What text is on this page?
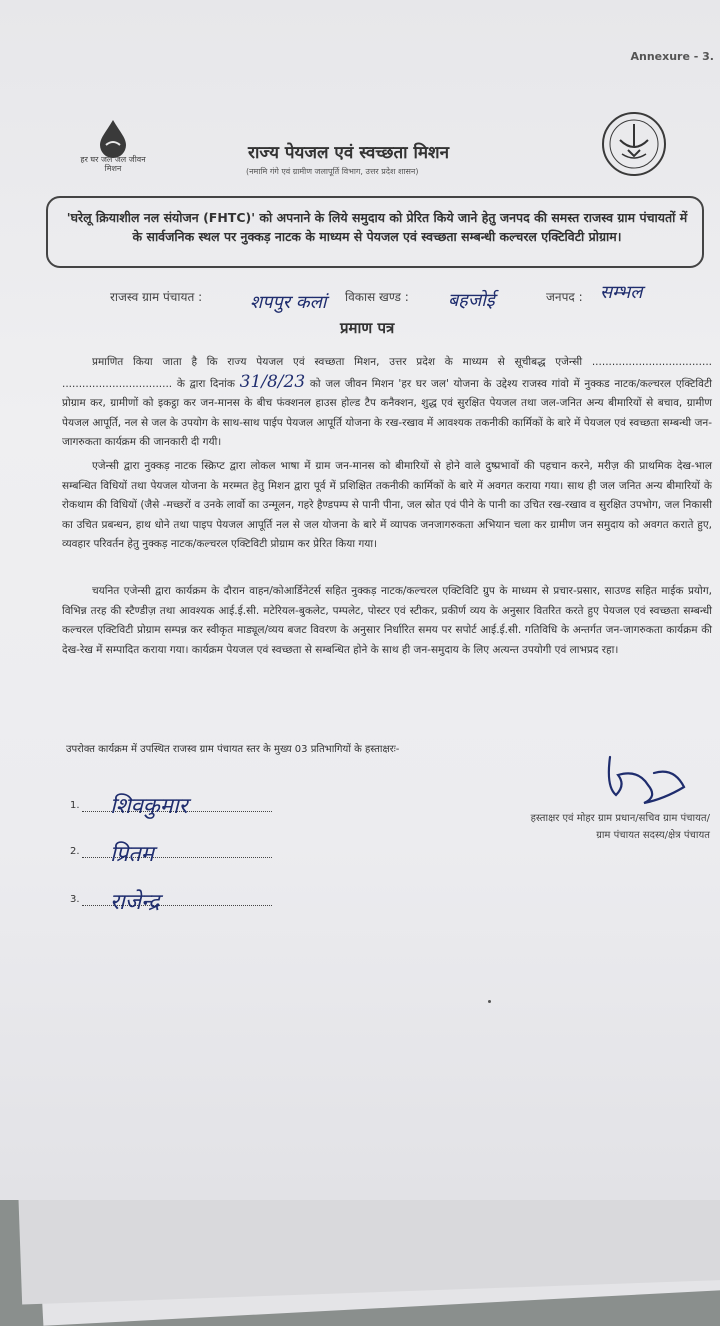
Annexure - 3.
हर घर जल जल जीवन मिशन
राज्य पेयजल एवं स्वच्छता मिशन
(नमामि गंगे एवं ग्रामीण जलापूर्ति विभाग, उत्तर प्रदेश शासन)
'घरेलू क्रियाशील नल संयोजन (FHTC)' को अपनाने के लिये समुदाय को प्रेरित किये जाने हेतु जनपद की समस्त राजस्व ग्राम पंचायतों में के सार्वजनिक स्थल पर नुक्कड़ नाटक के माध्यम से पेयजल एवं स्वच्छता सम्बन्धी कल्चरल एक्टिविटी प्रोग्राम।
राजस्व ग्राम पंचायत :	शपपुर कलां विकास खण्ड : बहजोई	जनपद : सम्भल
प्रमाण पत्र
प्रमाणित किया जाता है कि राज्य पेयजल एवं स्वच्छता मिशन, उत्तर प्रदेश के माध्यम से सूचीबद्ध एजेन्सी .................................... ................................. के द्वारा दिनांक 31/8/23 को जल जीवन मिशन 'हर घर जल' योजना के उद्देश्य राजस्व गांवो में नुक्कड नाटक/कल्चरल एक्टिविटी प्रोग्राम कर, ग्रामीणों को इकट्ठा कर जन-मानस के बीच फंक्शनल हाउस होल्ड टैप कनैक्शन, शुद्ध एवं सुरक्षित पेयजल तथा जल-जनित अन्य बीमारियों से बचाव, ग्रामीण पेयजल आपूर्ति, नल से जल के उपयोग के साथ-साथ पाईप पेयजल आपूर्ति योजना के रख-रखाव में आवश्यक तकनीकी कार्मिकों के बारे में पेयजल एवं स्वच्छता सम्बन्धी जन-जागरुकता कार्यक्रम की जानकारी दी गयी।
एजेन्सी द्वारा नुक्कड़ नाटक स्क्रिप्ट द्वारा लोकल भाषा में ग्राम जन-मानस को बीमारियों से होने वाले दुष्प्रभावों की पहचान करने, मरीज़ की प्राथमिक देख-भाल सम्बन्धित विधियों तथा पेयजल योजना के मरम्मत हेतु मिशन द्वारा पूर्व में प्रशिक्षित तकनीकी कार्मिकों के बारे में अवगत कराया गया। साथ ही जल जनित अन्य बीमारियों के रोकथाम की विधियों (जैसे -मच्छरों व उनके लार्वो का उन्मूलन, गहरे हैण्डपम्प से पानी पीना, जल स्रोत एवं पीने के पानी का उचित रख-रखाव व सुरक्षित उपभोग, जल निकासी का उचित प्रबन्धन, हाथ धोने तथा पाइप पेयजल आपूर्ति नल से जल योजना के बारे में व्यापक जनजागरुकता अभियान चला कर ग्रामीण जन समुदाय को अवगत कराते हुए, व्यवहार परिवर्तन हेतु नुक्कड़ नाटक/कल्चरल एक्टिविटी प्रोग्राम कर प्रेरित किया गया।
चयनित एजेन्सी द्वारा कार्यक्रम के दौरान वाहन/कोआर्डिनेटर्स सहित नुक्कड़ नाटक/कल्चरल एक्टिविटि ग्रुप के माध्यम से प्रचार-प्रसार, साउण्ड सहित माईक प्रयोग, विभिन्न तरह की स्टैण्डीज़ तथा आवश्यक आई.ई.सी. मटेरियल-बुकलेट, पम्पलेट, पोस्टर एवं स्टीकर, प्रकीर्ण व्यय के अनुसार वितरित करते हुए पेयजल एवं स्वच्छता सम्बन्धी कल्चरल एक्टिविटी प्रोग्राम सम्पन्न कर स्वीकृत माड्यूल/व्यय बजट विवरण के अनुसार निर्धारित समय पर सपोर्ट आई.ई.सी. गतिविधि के अन्तर्गत जन-जागरुकता कार्यक्रम की देख-रेख में सम्पादित कराया गया। कार्यक्रम पेयजल एवं स्वच्छता से सम्बन्धित होने के साथ ही जन-समुदाय के लिए अत्यन्त उपयोगी एवं लाभप्रद रहा।
उपरोक्त कार्यक्रम में उपस्थित राजस्व ग्राम पंचायत स्तर के मुख्य 03 प्रतिभागियों के हस्ताक्षरः-
1. शिवकुमार
2. प्रितम
3. राजेन्द्र
हस्ताक्षर एवं मोहर ग्राम प्रधान/सचिव ग्राम पंचायत/ ग्राम पंचायत सदस्य/क्षेत्र पंचायत
